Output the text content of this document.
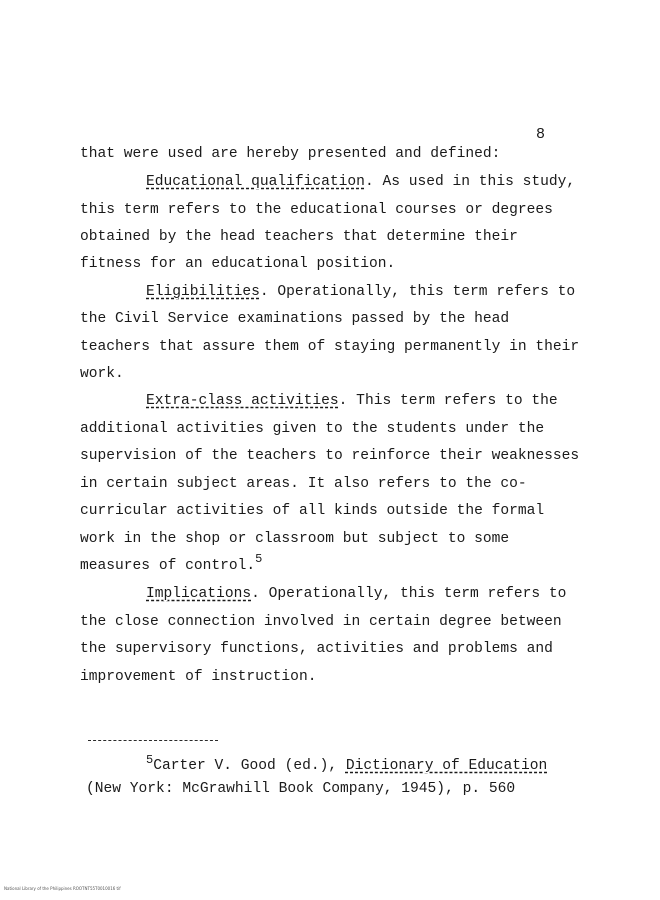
8
that were used are hereby presented and defined:
Educational qualification. As used in this study,
this term refers to the educational courses or degrees
obtained by the head teachers that determine their
fitness for an educational position.
Eligibilities. Operationally, this term refers to
the Civil Service examinations passed by the head
teachers that assure them of staying permanently in their
work.
Extra-class activities. This term refers to the
additional activities given to the students under the
supervision of the teachers to reinforce their weaknesses
in certain subject areas. It also refers to the co-
curricular activities of all kinds outside the formal
work in the shop or classroom but subject to some
measures of control.$^5$
Implications. Operationally, this term refers to
the close connection involved in certain degree between
the supervisory functions, activities and problems and
improvement of instruction.
$^5$Carter V. Good (ed.), Dictionary of Education
(New York: McGrawhill Book Company, 1945), p. 560
National Library of the Philippines ROOTNT55T0010016 tif
